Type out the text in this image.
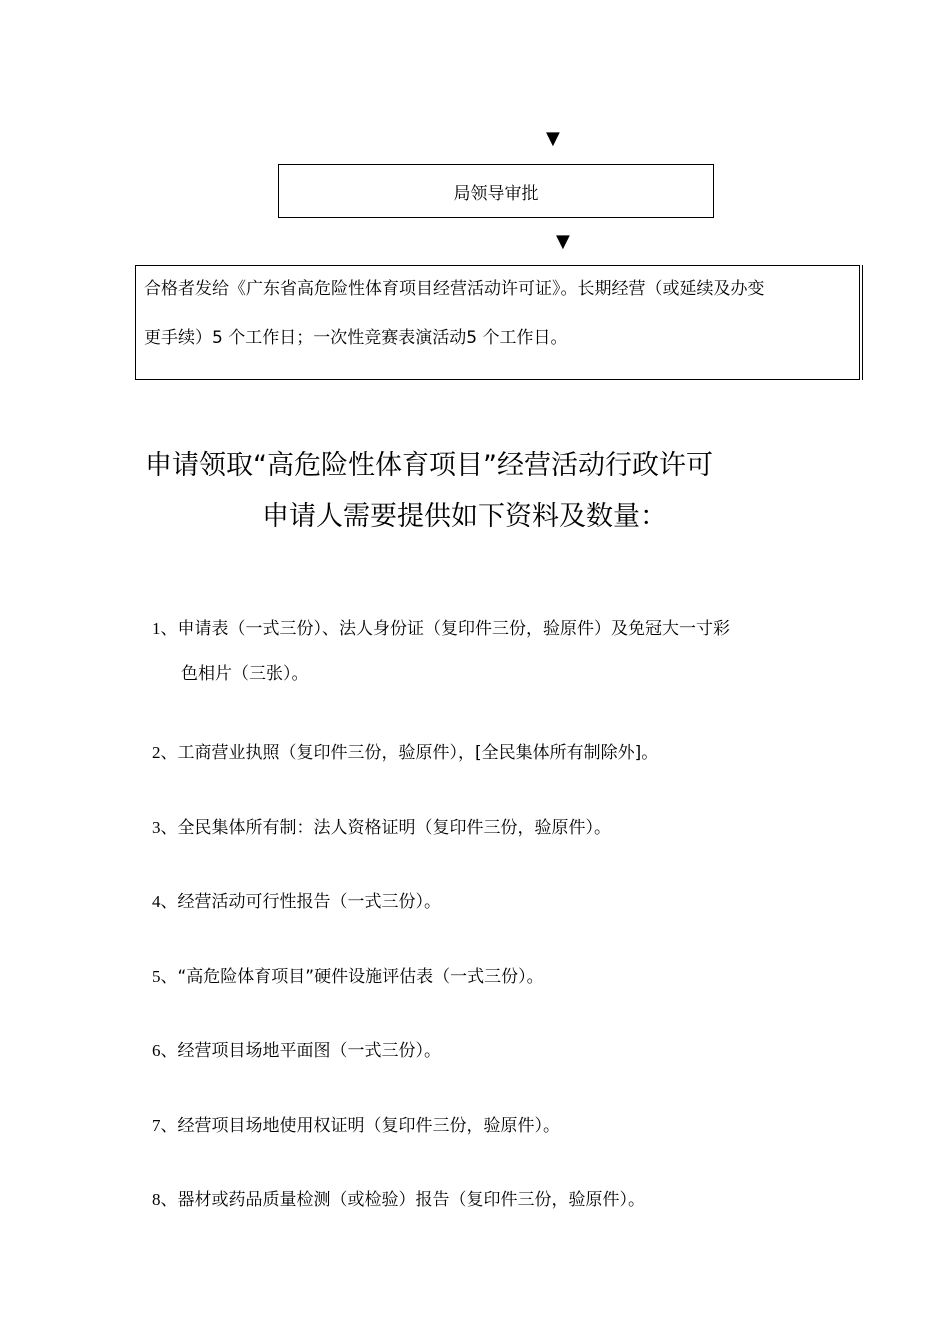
▼
局领导审批
▼

合格者发给《广东省高危险性体育项目经营活动许可证》。长期经营（或延续及办变

更手续）5 个工作日；一次性竞赛表演活动5 个工作日。

申请领取“高危险性体育项目”经营活动行政许可
申请人需要提供如下资料及数量：
1、申请表（一式三份）、法人身份证（复印件三份，验原件）及免冠大一寸彩
色相片（三张）。
2、工商营业执照（复印件三份，验原件），[全民集体所有制除外]。
3、全民集体所有制：法人资格证明（复印件三份，验原件）。
4、经营活动可行性报告（一式三份）。
5、“高危险体育项目”硬件设施评估表（一式三份）。
6、经营项目场地平面图（一式三份）。
7、经营项目场地使用权证明（复印件三份，验原件）。
8、器材或药品质量检测（或检验）报告（复印件三份，验原件）。
